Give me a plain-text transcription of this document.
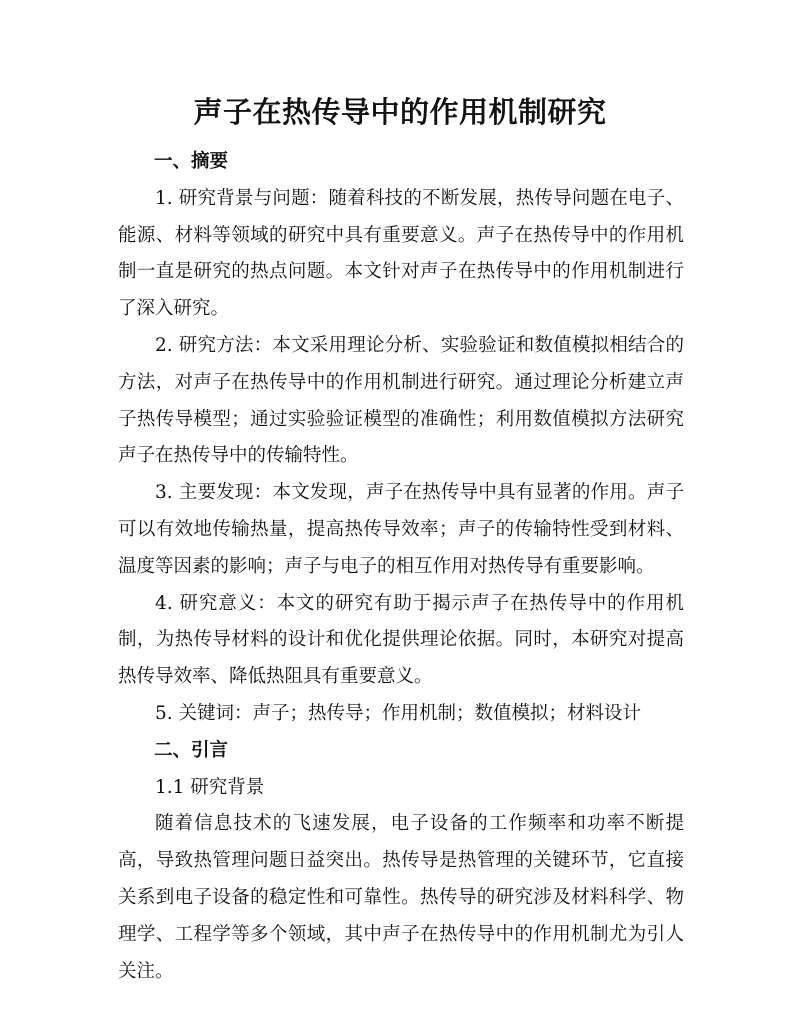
声子在热传导中的作用机制研究

一、摘要

1. 研究背景与问题：随着科技的不断发展，热传导问题在电子、能源、材料等领域的研究中具有重要意义。声子在热传导中的作用机制一直是研究的热点问题。本文针对声子在热传导中的作用机制进行了深入研究。

2. 研究方法：本文采用理论分析、实验验证和数值模拟相结合的方法，对声子在热传导中的作用机制进行研究。通过理论分析建立声子热传导模型；通过实验验证模型的准确性；利用数值模拟方法研究声子在热传导中的传输特性。

3. 主要发现：本文发现，声子在热传导中具有显著的作用。声子可以有效地传输热量，提高热传导效率；声子的传输特性受到材料、温度等因素的影响；声子与电子的相互作用对热传导有重要影响。

4. 研究意义：本文的研究有助于揭示声子在热传导中的作用机制，为热传导材料的设计和优化提供理论依据。同时，本研究对提高热传导效率、降低热阻具有重要意义。

5. 关键词：声子；热传导；作用机制；数值模拟；材料设计

二、引言

1.1 研究背景

随着信息技术的飞速发展，电子设备的工作频率和功率不断提高，导致热管理问题日益突出。热传导是热管理的关键环节，它直接关系到电子设备的稳定性和可靠性。热传导的研究涉及材料科学、物理学、工程学等多个领域，其中声子在热传导中的作用机制尤为引人关注。
